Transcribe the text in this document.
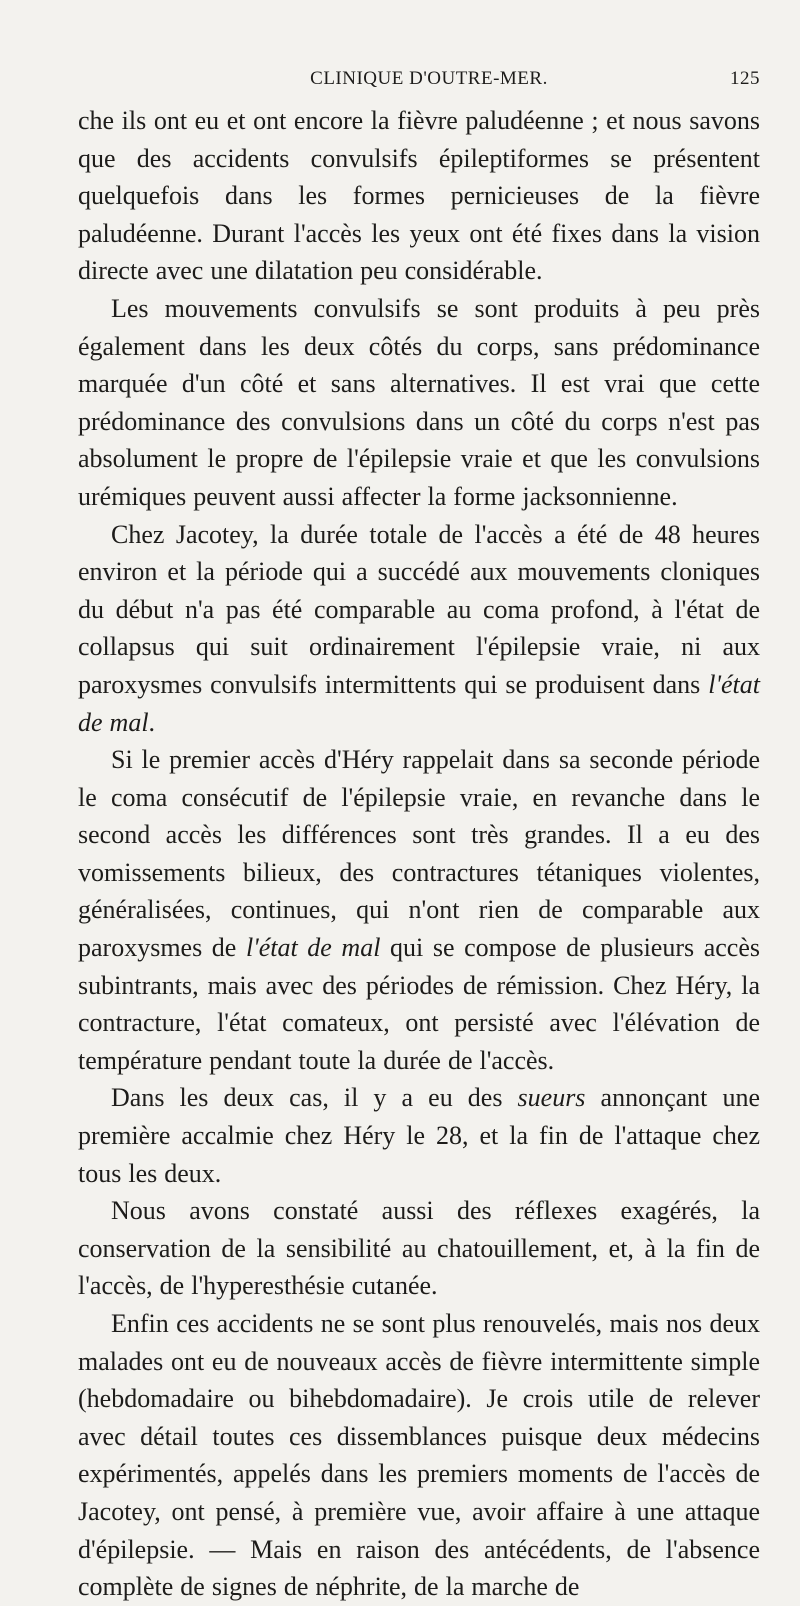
CLINIQUE D'OUTRE-MER.	125

che ils ont eu et ont encore la fièvre paludéenne ; et nous savons que des accidents convulsifs épileptiformes se présentent quelquefois dans les formes pernicieuses de la fièvre paludéenne. Durant l'accès les yeux ont été fixes dans la vision directe avec une dilatation peu considérable.

Les mouvements convulsifs se sont produits à peu près également dans les deux côtés du corps, sans prédominance marquée d'un côté et sans alternatives. Il est vrai que cette prédominance des convulsions dans un côté du corps n'est pas absolument le propre de l'épilepsie vraie et que les convulsions urémiques peuvent aussi affecter la forme jacksonnienne.

Chez Jacotey, la durée totale de l'accès a été de 48 heures environ et la période qui a succédé aux mouvements cloniques du début n'a pas été comparable au coma profond, à l'état de collapsus qui suit ordinairement l'épilepsie vraie, ni aux paroxysmes convulsifs intermittents qui se produisent dans l'état de mal.

Si le premier accès d'Héry rappelait dans sa seconde période le coma consécutif de l'épilepsie vraie, en revanche dans le second accès les différences sont très grandes. Il a eu des vomissements bilieux, des contractures tétaniques violentes, généralisées, continues, qui n'ont rien de comparable aux paroxysmes de l'état de mal qui se compose de plusieurs accès subintrants, mais avec des périodes de rémission. Chez Héry, la contracture, l'état comateux, ont persisté avec l'élévation de température pendant toute la durée de l'accès.

Dans les deux cas, il y a eu des sueurs annonçant une première accalmie chez Héry le 28, et la fin de l'attaque chez tous les deux.

Nous avons constaté aussi des réflexes exagérés, la conservation de la sensibilité au chatouillement, et, à la fin de l'accès, de l'hyperesthésie cutanée.

Enfin ces accidents ne se sont plus renouvelés, mais nos deux malades ont eu de nouveaux accès de fièvre intermittente simple (hebdomadaire ou bihebdomadaire). Je crois utile de relever avec détail toutes ces dissemblances puisque deux médecins expérimentés, appelés dans les premiers moments de l'accès de Jacotey, ont pensé, à première vue, avoir affaire à une attaque d'épilepsie. — Mais en raison des antécédents, de l'absence complète de signes de néphrite, de la marche de
